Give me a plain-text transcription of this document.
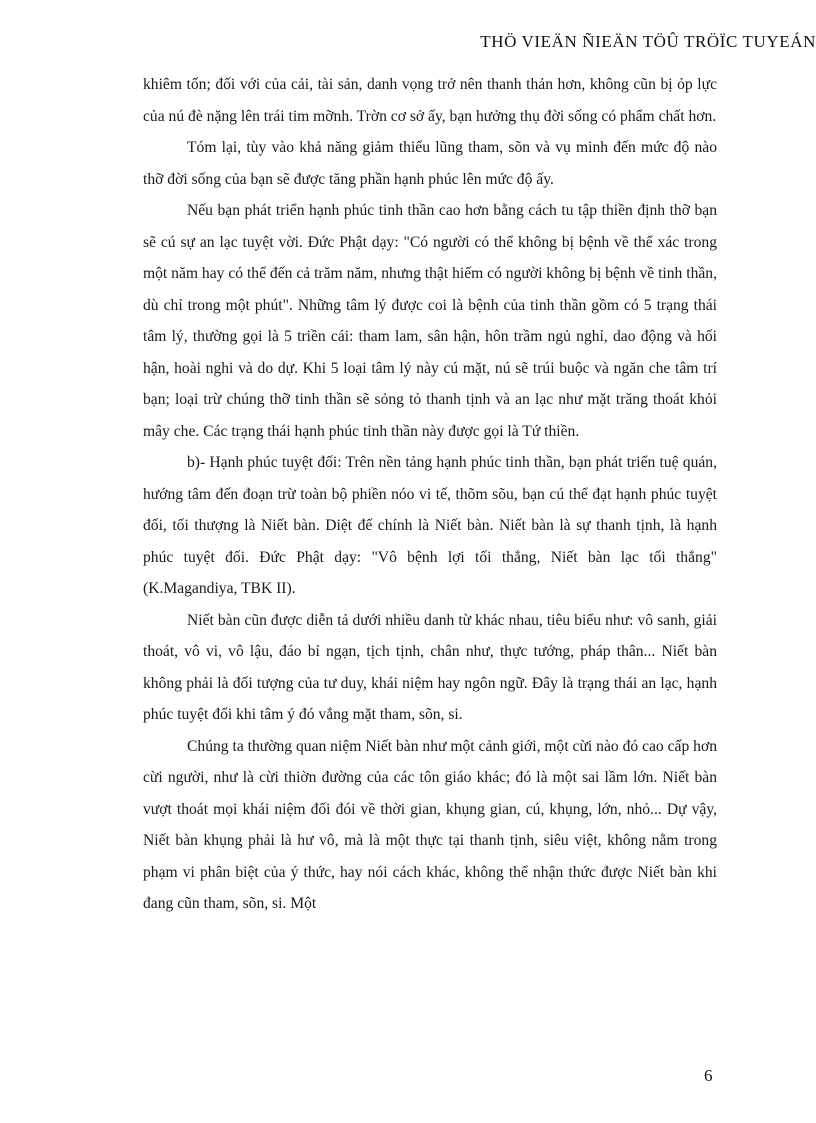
THÖ VIEÄN ÑIEÄN TÖÛ TRÖÏC TUYEÁN

khiêm tốn; đối với của cải, tài sản, danh vọng trở nên thanh thản hơn, không cũn bị ỏp lực của nú đè nặng lên trái tim mỡnh. Trờn cơ sở ấy, bạn hưởng thụ đời sống có phẩm chất hơn.

Tóm lại, tùy vào khả năng giảm thiểu lũng tham, sõn và vụ minh đến mức độ nào thỡ đời sống của bạn sẽ được tăng phần hạnh phúc lên mức độ ấy.

Nếu bạn phát triển hạnh phúc tinh thần cao hơn bằng cách tu tập thiền định thỡ bạn sẽ cú sự an lạc tuyệt vời. Đức Phật dạy: "Có người có thể không bị bệnh về thể xác trong một năm hay có thể đến cả trăm năm, nhưng thật hiếm có người không bị bệnh về tinh thần, dù chỉ trong một phút". Những tâm lý được coi là bệnh của tinh thần gồm có 5 trạng thái tâm lý, thường gọi là 5 triền cái: tham lam, sân hận, hôn trầm ngủ nghỉ, dao động và hối hận, hoài nghi và do dự. Khi 5 loại tâm lý này cú mặt, nú sẽ trúi buộc và ngăn che tâm trí bạn; loại trừ chúng thỡ tinh thần sẽ sỏng tỏ thanh tịnh và an lạc như mặt trăng thoát khỏi mây che. Các trạng thái hạnh phúc tinh thần này được gọi là Tứ thiền.

b)- Hạnh phúc tuyệt đối: Trên nền tảng hạnh phúc tinh thần, bạn phát triển tuệ quán, hướng tâm đến đoạn trừ toàn bộ phiền nóo vi tế, thõm sõu, bạn cú thể đạt hạnh phúc tuyệt đối, tối thượng là Niết bàn. Diệt đế chính là Niết bàn. Niết bàn là sự thanh tịnh, là hạnh phúc tuyệt đối. Đức Phật dạy: "Vô bệnh lợi tối thắng, Niết bàn lạc tối thắng" (K.Magandiya, TBK II).

Niết bàn cũn được diễn tả dưới nhiều danh từ khác nhau, tiêu biểu như: vô sanh, giải thoát, vô vi, vô lậu, đáo bỉ ngạn, tịch tịnh, chân như, thực tướng, pháp thân... Niết bàn không phải là đối tượng của tư duy, khái niệm hay ngôn ngữ. Đây là trạng thái an lạc, hạnh phúc tuyệt đối khi tâm ý đó vắng mặt tham, sõn, si.

Chúng ta thường quan niệm Niết bàn như một cảnh giới, một cừi nào đó cao cấp hơn cừi người, như là cừi thiờn đường của các tôn giáo khác; đó là một sai lầm lớn. Niết bàn vượt thoát mọi khái niệm đối đói về thời gian, khụng gian, cú, khụng, lớn, nhỏ... Dự vậy, Niết bàn khụng phải là hư vô, mà là một thực tại thanh tịnh, siêu việt, không nằm trong phạm vi phân biệt của ý thức, hay nói cách khác, không thể nhận thức được Niết bàn khi đang cũn tham, sõn, si. Một

6
